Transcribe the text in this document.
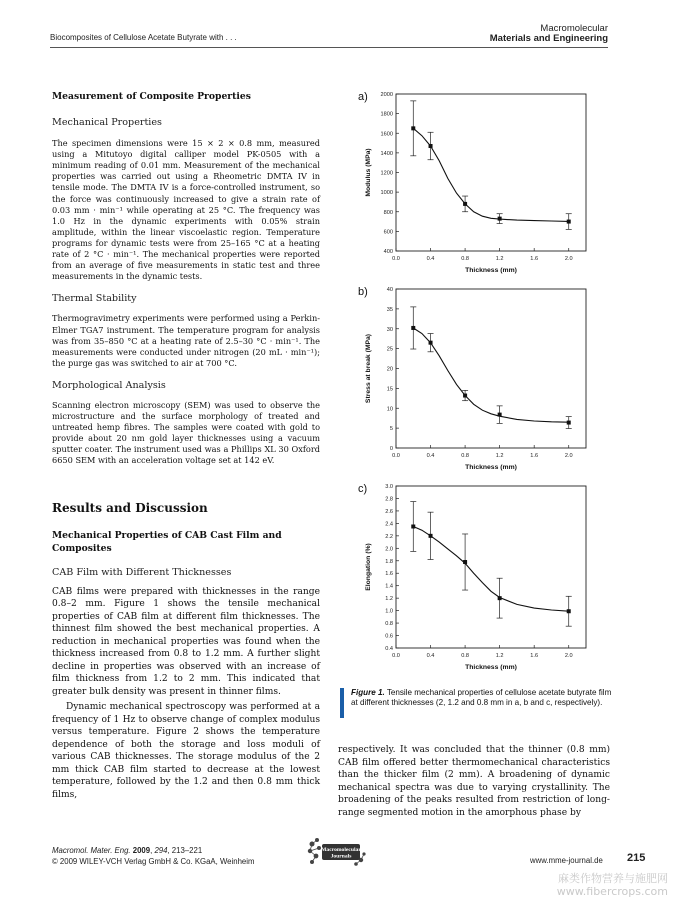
Biocomposites of Cellulose Acetate Butyrate with . . .
Macromolecular
Materials and Engineering

Measurement of Composite Properties

Mechanical Properties

The specimen dimensions were 15 × 2 × 0.8 mm, measured using a Mitutoyo digital calliper model PK-0505 with a minimum reading of 0.01 mm. Measurement of the mechanical properties was carried out using a Rheometric DMTA IV in tensile mode. The DMTA IV is a force-controlled instrument, so the force was continuously increased to give a strain rate of 0.03 mm · min⁻¹ while operating at 25 °C. The frequency was 1.0 Hz in the dynamic experiments with 0.05% strain amplitude, within the linear viscoelastic region. Temperature programs for dynamic tests were from 25–165 °C at a heating rate of 2 °C · min⁻¹. The mechanical properties were reported from an average of five measurements in static test and three measurements in the dynamic tests.

Thermal Stability

Thermogravimetry experiments were performed using a Perkin-Elmer TGA7 instrument. The temperature program for analysis was from 35–850 °C at a heating rate of 2.5–30 °C · min⁻¹. The measurements were conducted under nitrogen (20 mL · min⁻¹); the purge gas was switched to air at 700 °C.

Morphological Analysis

Scanning electron microscopy (SEM) was used to observe the microstructure and the surface morphology of treated and untreated hemp fibres. The samples were coated with gold to provide about 20 nm gold layer thicknesses using a vacuum sputter coater. The instrument used was a Phillips XL 30 Oxford 6650 SEM with an acceleration voltage set at 142 eV.

Results and Discussion

Mechanical Properties of CAB Cast Film and Composites

CAB Film with Different Thicknesses

CAB films were prepared with thicknesses in the range 0.8–2 mm. Figure 1 shows the tensile mechanical properties of CAB film at different film thicknesses. The thinnest film showed the best mechanical properties. A reduction in mechanical properties was found when the thickness increased from 0.8 to 1.2 mm. A further slight decline in properties was observed with an increase of film thickness from 1.2 to 2 mm. This indicated that greater bulk density was present in thinner films.

Dynamic mechanical spectroscopy was performed at a frequency of 1 Hz to observe change of complex modulus versus temperature. Figure 2 shows the temperature dependence of both the storage and loss moduli of various CAB thicknesses. The storage modulus of the 2 mm thick CAB film started to decrease at the lowest temperature, followed by the 1.2 and then 0.8 mm thick films,

a)
400
600
800
1000
1200
1400
1600
1800
2000
0.0	0.4	0.8	1.2	1.6	2.0
Thickness (mm)
Modulus (MPa)
b)
0
5
10
15
20
25
30
35
40
0.0	0.4	0.8	1.2	1.6	2.0
Thickness (mm)
Stress at break (MPa)
c)
0.4
0.6
0.8
1.0
1.2
1.4
1.6
1.8
2.0
2.2
2.4
2.6
2.8
3.0
0.0	0.4	0.8	1.2	1.6	2.0
Thickness (mm)
Elongation (%)
Figure 1. Tensile mechanical properties of cellulose acetate butyrate film at different thicknesses (2, 1.2 and 0.8 mm in a, b and c, respectively).
respectively. It was concluded that the thinner (0.8 mm) CAB film offered better thermomechanical characteristics than the thicker film (2 mm). A broadening of dynamic mechanical spectra was due to varying crystallinity. The broadening of the peaks resulted from restriction of long-range segmented motion in the amorphous phase by
Macromol. Mater. Eng. 2009, 294, 213–221
© 2009 WILEY-VCH Verlag GmbH & Co. KGaA, Weinheim
Macromolecular
Journals	www.mme-journal.de 215
麻类作物营养与施肥网
www.fibercrops.com
